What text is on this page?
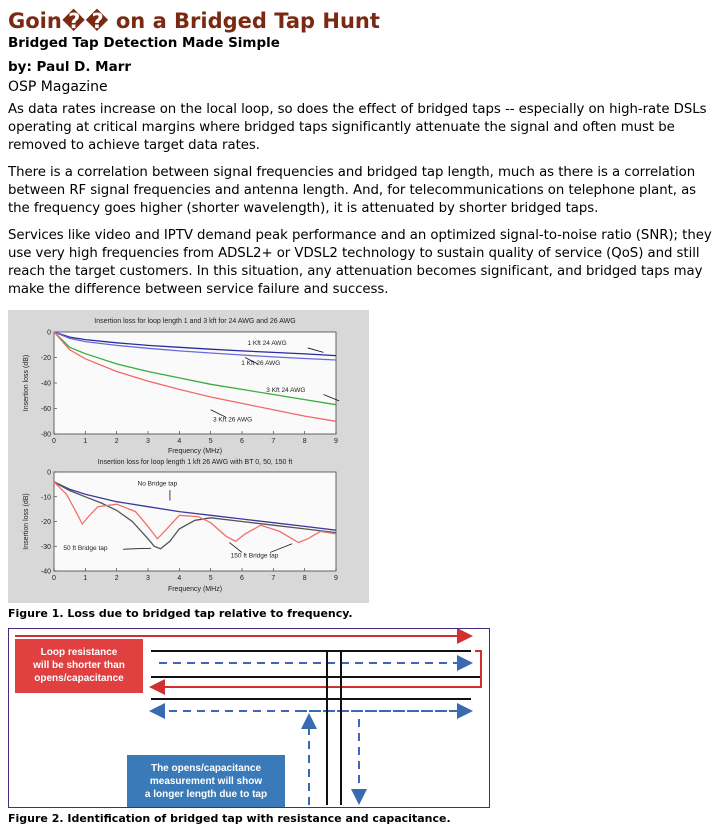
Goin�� on a Bridged Tap Hunt
Bridged Tap Detection Made Simple
by: Paul D. Marr
OSP Magazine

As data rates increase on the local loop, so does the effect of bridged taps -- especially on high-rate DSLs operating at critical margins where bridged taps significantly attenuate the signal and often must be removed to achieve target data rates.

There is a correlation between signal frequencies and bridged tap length, much as there is a correlation between RF signal frequencies and antenna length. And, for telecommunications on telephone plant, as the frequency goes higher (shorter wavelength), it is attenuated by shorter bridged taps.

Services like video and IPTV demand peak performance and an optimized signal-to-noise ratio (SNR); they use very high frequencies from ADSL2+ or VDSL2 technology to sustain quality of service (QoS) and still reach the target customers. In this situation, any attenuation becomes significant, and bridged taps may make the difference between service failure and success.

Insertion loss for loop length 1 and 3 kft for 24 AWG and 26 AWG
0	1	2	3	4	5	6	7	8	9
0
-20
-40
-60
-80
Frequency (MHz)
Insertion loss (dB)
Insertion loss for loop length 1 kft 26 AWG with BT 0, 50, 150 ft
0	1	2	3	4	5	6	7	8	9
0
-10
-20
-30
-40
Frequency (MHz)
Insertion loss (dB)
1 Kft 24 AWG
1 Kft 26 AWG
3 Kft 24 AWG
3 Kft 26 AWG
No Bridge tap
50 ft Bridge tap
150 ft Bridge tap
Figure 1. Loss due to bridged tap relative to frequency.
Loop resistance
will be shorter than
opens/capacitance
The opens/capacitance
measurement will show
a longer length due to tap
Figure 2. Identification of bridged tap with resistance and capacitance.
